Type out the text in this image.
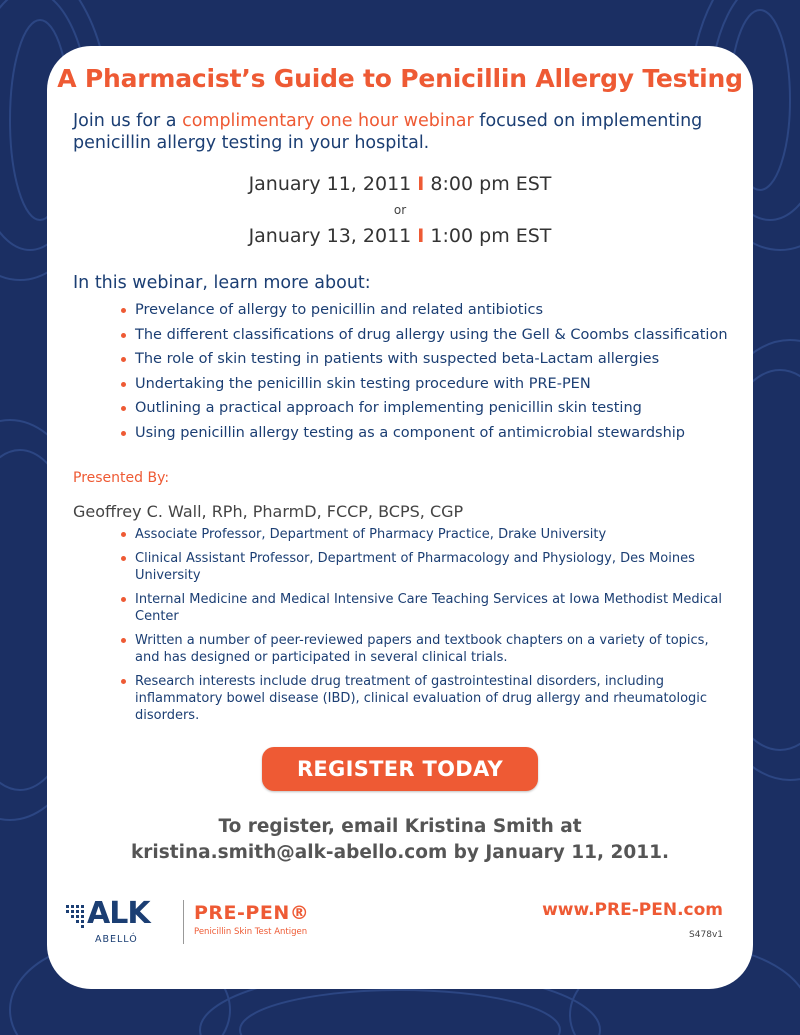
A Pharmacist’s Guide to Penicillin Allergy Testing

Join us for a complimentary one hour webinar focused on implementing penicillin allergy testing in your hospital.

January 11, 2011 I 8:00 pm EST
or
January 13, 2011 I 1:00 pm EST
In this webinar, learn more about:
Prevelance of allergy to penicillin and related antibiotics
The different classifications of drug allergy using the Gell & Coombs classification
The role of skin testing in patients with suspected beta-Lactam allergies
Undertaking the penicillin skin testing procedure with PRE-PEN
Outlining a practical approach for implementing penicillin skin testing
Using penicillin allergy testing as a component of antimicrobial stewardship

Presented By:

Geoffrey C. Wall, RPh, PharmD, FCCP, BCPS, CGP

Associate Professor, Department of Pharmacy Practice, Drake University
Clinical Assistant Professor, Department of Pharmacology and Physiology, Des Moines University
Internal Medicine and Medical Intensive Care Teaching Services at Iowa Methodist Medical Center
Written a number of peer-reviewed papers and textbook chapters on a variety of topics, and has designed or participated in several clinical trials.
Research interests include drug treatment of gastrointestinal disorders, including inflammatory bowel disease (IBD), clinical evaluation of drug allergy and rheumatologic disorders.
REGISTER TODAY

To register, email Kristina Smith at
kristina.smith@alk-abello.com by January 11, 2011.

ALK
ABELLÓ
PRE-PEN®
Penicillin Skin Test Antigen

www.PRE-PEN.com

S478v1
